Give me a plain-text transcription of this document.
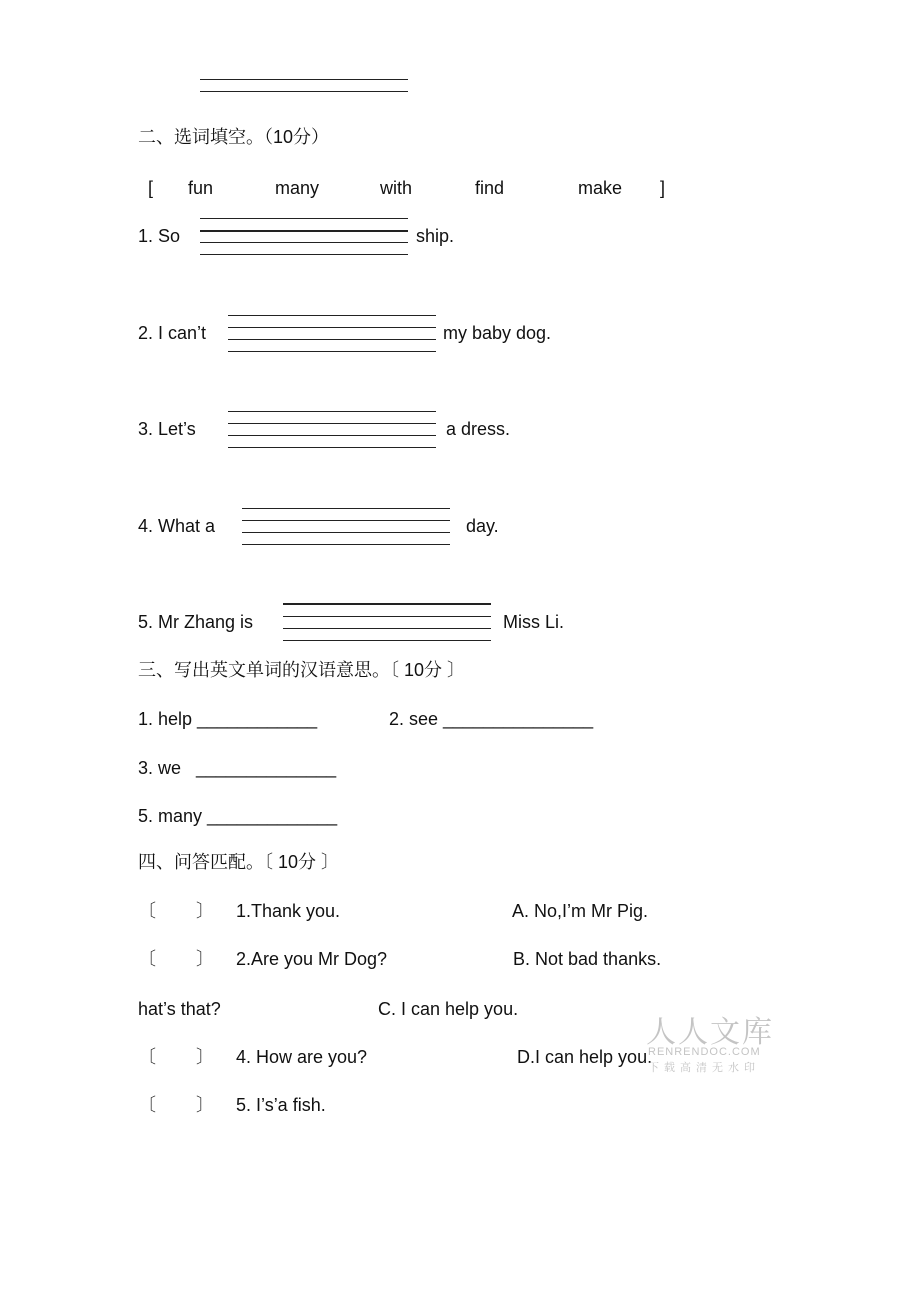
二、选词填空。（10分）
[ fun	many	with	find	make ]
1. So	ship.
2. I can’t	my baby dog.
3. Let’s	a dress.
4. What a	day.
5. Mr Zhang is	Miss Li.
三、写出英文单词的汉语意思。〔 10分 〕
1. help ____________	2. see _______________
3. we   ______________
5. many _____________
四、问答匹配。〔 10分 〕
〔        〕 1.Thank you.	A. No,I’m Mr Pig.
〔        〕 2.Are you Mr Dog?	B. Not bad thanks.
hat’s that?	C. I can help you.
〔        〕 4. How are you?	D.I can help you.
〔        〕 5. I’s’a fish.
人人文库
RENRENDOC.COM
下载高清无水印
